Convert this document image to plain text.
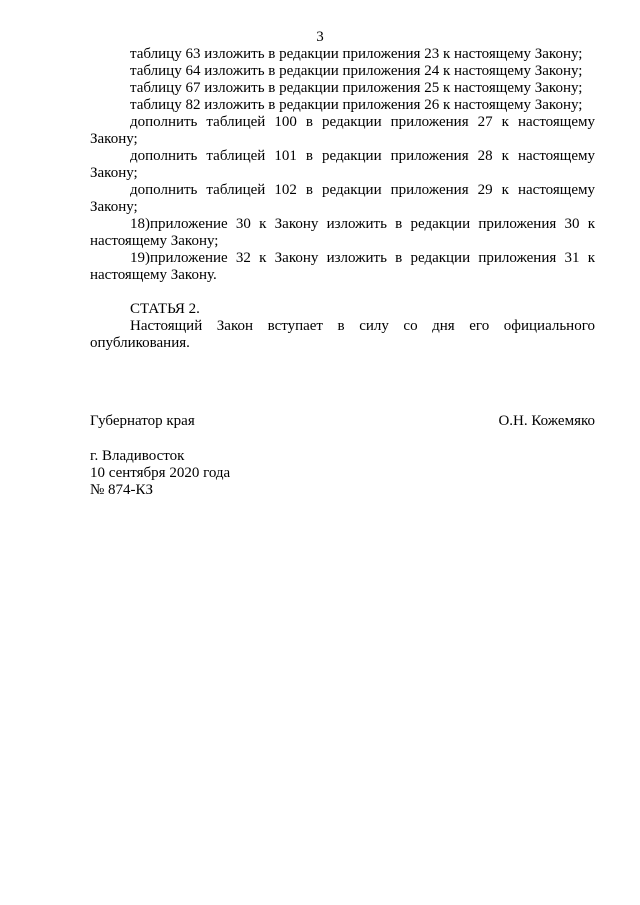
3

таблицу 63 изложить в редакции приложения 23 к настоящему Закону;

таблицу 64 изложить в редакции приложения 24 к настоящему Закону;

таблицу 67 изложить в редакции приложения 25 к настоящему Закону;

таблицу 82 изложить в редакции приложения 26 к настоящему Закону;

дополнить таблицей 100 в редакции приложения 27 к настоящему Закону;

дополнить таблицей 101 в редакции приложения 28 к настоящему Закону;

дополнить таблицей 102 в редакции приложения 29 к настоящему Закону;

18)приложение 30 к Закону изложить в редакции приложения 30 к настоящему Закону;

19)приложение 32 к Закону изложить в редакции приложения 31 к настоящему Закону.

СТАТЬЯ 2.

Настоящий Закон вступает в силу со дня его официального опубликования.

Губернатор края	О.Н. Кожемяко
г. Владивосток
10 сентября 2020 года
№ 874-КЗ
